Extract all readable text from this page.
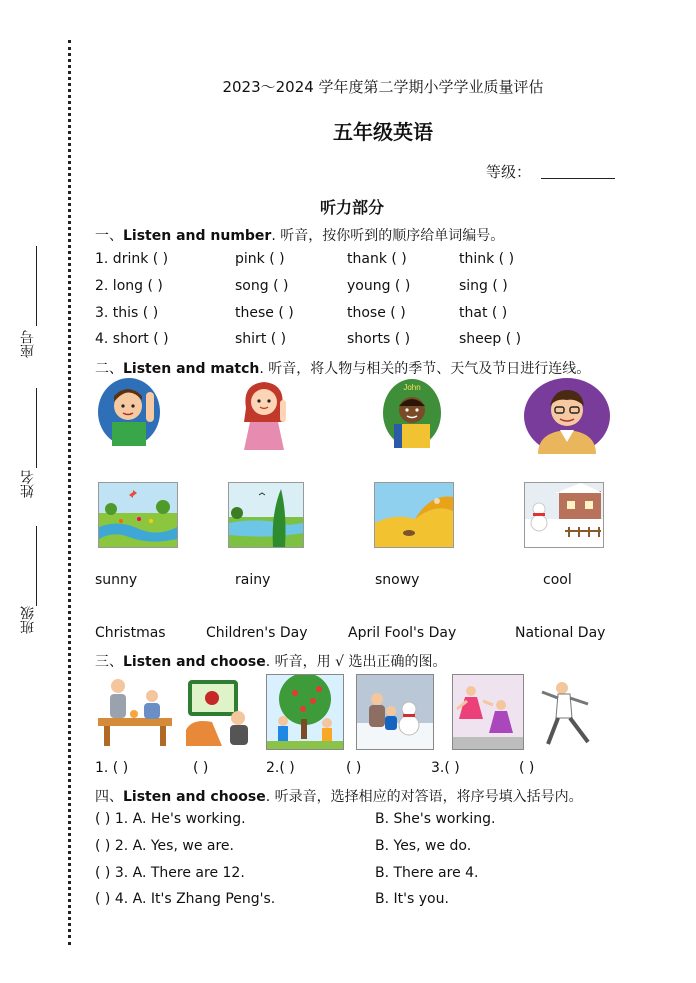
座号
姓名
班级
2023～2024 学年度第二学期小学学业质量评估
五年级英语
等级：
听力部分
一、Listen and number. 听音，按你听到的顺序给单词编号。
1. drink ( )	pink ( )	thank ( )	think ( )
2. long ( )	song ( )	young ( )	sing ( )
3. this ( )	these ( )	those ( )	that ( )
4. short ( )	shirt ( )	shorts ( )	sheep ( )
二、Listen and match. 听音，将人物与相关的季节、天气及节日进行连线。
John
sunny	rainy	snowy	cool
Christmas	Children's Day	April Fool's Day	National Day
三、Listen and choose. 听音，用 √ 选出正确的图。
1. ( )	( )	2.( )	( )	3.( )	( )
四、Listen and choose. 听录音，选择相应的对答语，将序号填入括号内。
( ) 1. A. He's working.	B. She's working.
( ) 2. A. Yes, we are.	B. Yes, we do.
( ) 3. A. There are 12.	B. There are 4.
( ) 4. A. It's Zhang Peng's.	B. It's you.
